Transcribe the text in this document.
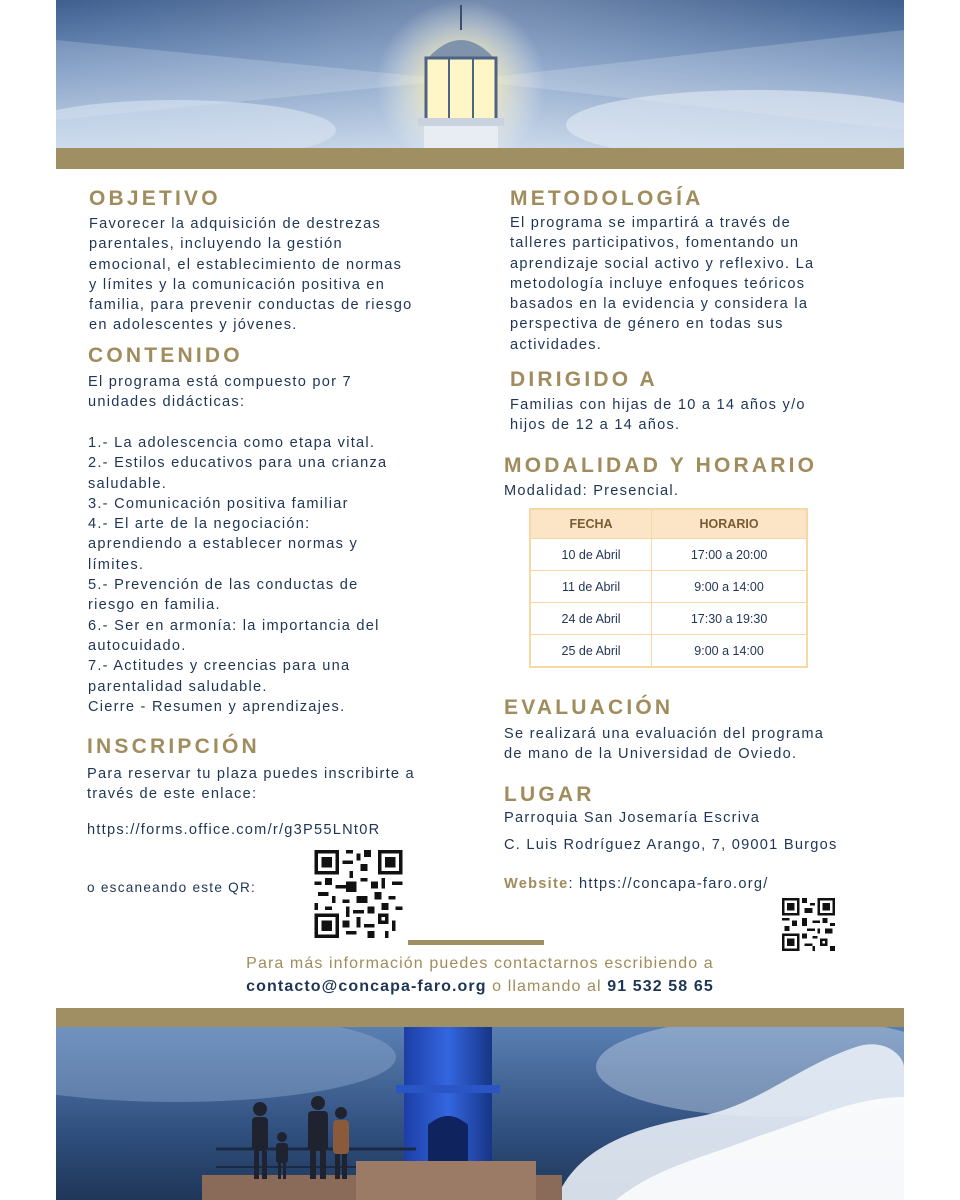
OBJETIVO
Favorecer la adquisición de destrezas
parentales, incluyendo la gestión
emocional, el establecimiento de normas
y límites y la comunicación positiva en
familia, para prevenir conductas de riesgo
en adolescentes y jóvenes.
CONTENIDO
El programa está compuesto por 7
unidades didácticas:
1.- La adolescencia como etapa vital.
2.- Estilos educativos para una crianza
saludable.
3.- Comunicación positiva familiar
4.- El arte de la negociación:
aprendiendo a establecer normas y
límites.
5.- Prevención de las conductas de
riesgo en familia.
6.- Ser en armonía: la importancia del
autocuidado.
7.- Actitudes y creencias para una
parentalidad saludable.
Cierre - Resumen y aprendizajes.
INSCRIPCIÓN
Para reservar tu plaza puedes inscribirte a
través de este enlace:
https://forms.office.com/r/g3P55LNt0R

o escaneando este QR:

METODOLOGÍA
El programa se impartirá a través de
talleres participativos, fomentando un
aprendizaje social activo y reflexivo. La
metodología incluye enfoques teóricos
basados en la evidencia y considera la
perspectiva de género en todas sus
actividades.
DIRIGIDO A
Familias con hijas de 10 a 14 años y/o
hijos de 12 a 14 años.
MODALIDAD Y HORARIO

Modalidad: Presencial.

FECHA	HORARIO
10 de Abril	17:00 a 20:00
11 de Abril	9:00 a 14:00
24 de Abril	17:30 a 19:30
25 de Abril	9:00 a 14:00
EVALUACIÓN
Se realizará una evaluación del programa
de mano de la Universidad de Oviedo.
LUGAR

Parroquia San Josemaría Escriva

C. Luis Rodríguez Arango, 7, 09001 Burgos

Website: https://concapa-faro.org/

Para más información puedes contactarnos escribiendo a

contacto@concapa-faro.org o llamando al 91 532 58 65
